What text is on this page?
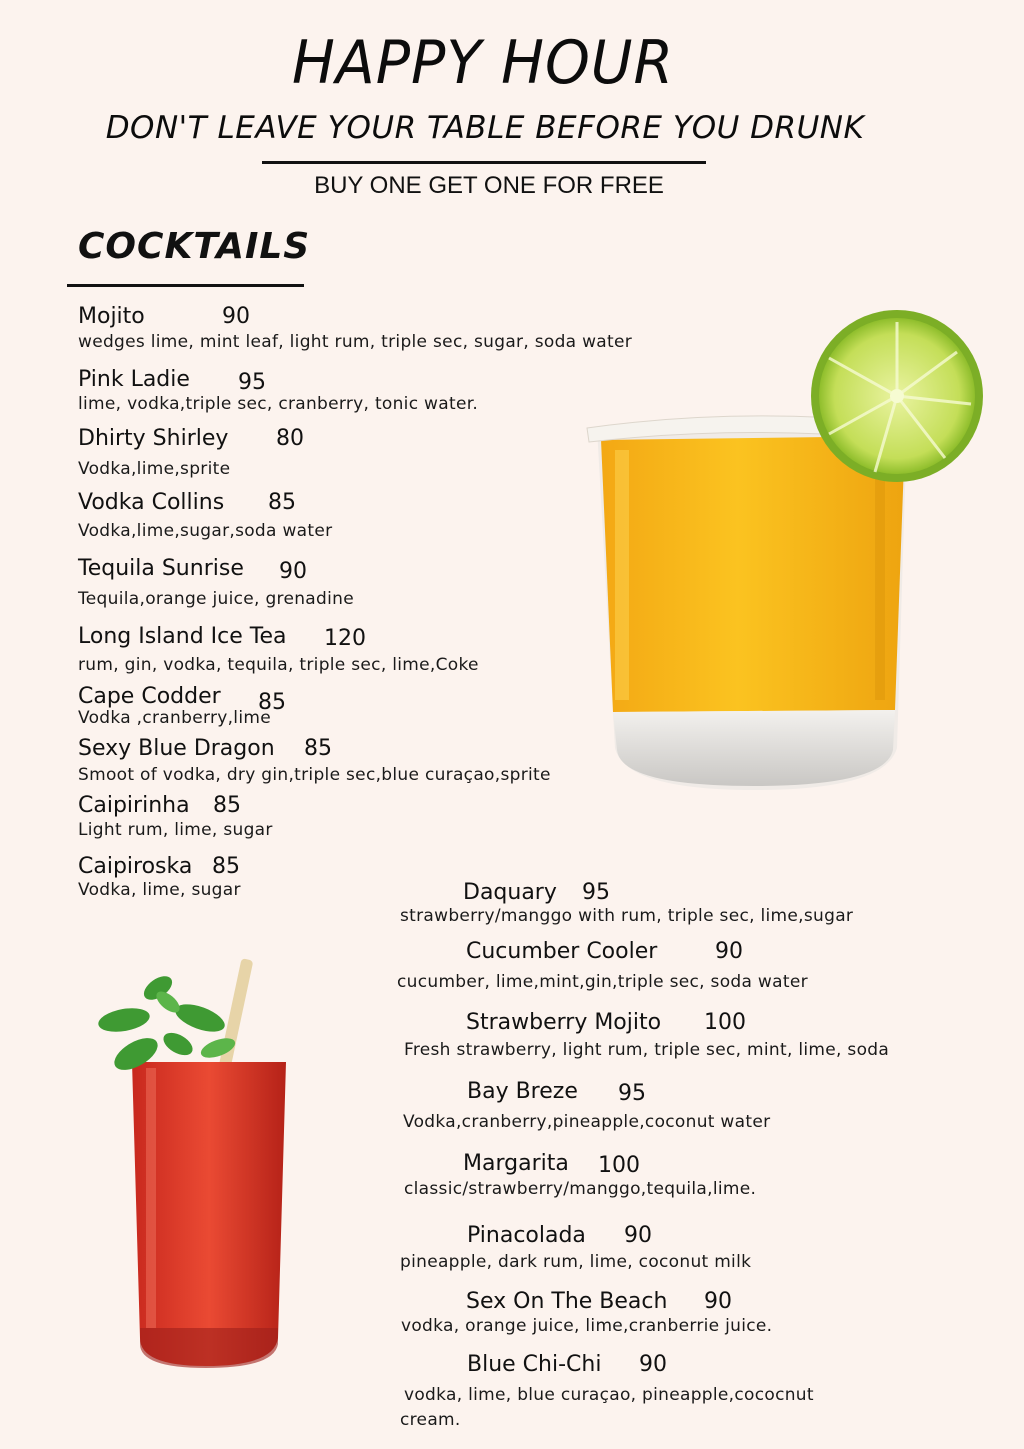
HAPPY HOUR
DON'T LEAVE YOUR TABLE BEFORE YOU DRUNK
BUY ONE GET ONE FOR FREE
COCKTAILS
Mojito	90
wedges lime, mint leaf, light rum, triple sec, sugar, soda water
Pink Ladie 95
lime, vodka,triple sec, cranberry, tonic water.
Dhirty Shirley 80
Vodka,lime,sprite
Vodka Collins 85
Vodka,lime,sugar,soda water
Tequila Sunrise 90
Tequila,orange juice, grenadine
Long Island Ice Tea 120
rum, gin, vodka, tequila, triple sec, lime,Coke
Cape Codder 85
Vodka ,cranberry,lime
Sexy Blue Dragon 85
Smoot of vodka, dry gin,triple sec,blue curaçao,sprite
Caipirinha 85
Light rum, lime, sugar
Caipiroska 85
Vodka, lime, sugar	Daquary 95
strawberry/manggo with rum, triple sec, lime,sugar
Cucumber Cooler	90
cucumber, lime,mint,gin,triple sec, soda water
Strawberry Mojito 100
Fresh strawberry, light rum, triple sec, mint, lime, soda
Bay Breze 95
Vodka,cranberry,pineapple,coconut water
Margarita 100
classic/strawberry/manggo,tequila,lime.
Pinacolada 90
pineapple, dark rum, lime, coconut milk
Sex On The Beach 90
vodka, orange juice, lime,cranberrie juice.
Blue Chi-Chi 90
vodka, lime, blue curaçao, pineapple,cococnut
cream.
